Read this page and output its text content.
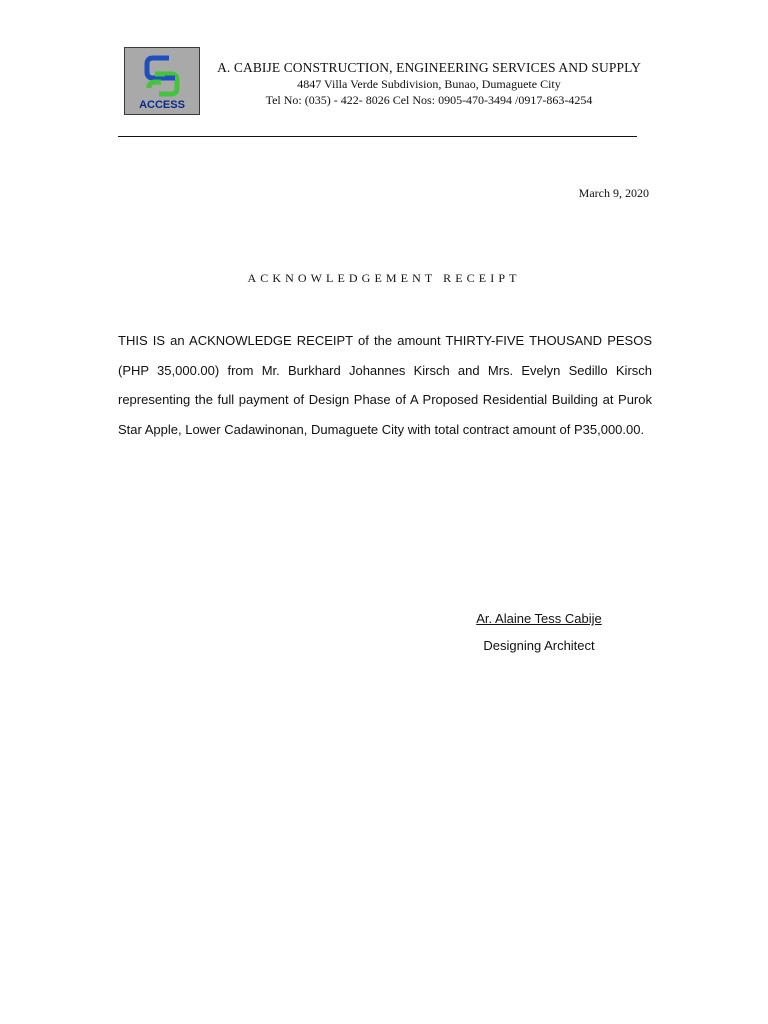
ACCESS
A. CABIJE CONSTRUCTION, ENGINEERING SERVICES AND SUPPLY
4847 Villa Verde Subdivision, Bunao, Dumaguete City
Tel No: (035) - 422- 8026 Cel Nos: 0905-470-3494 /0917-863-4254
March 9, 2020
ACKNOWLEDGEMENT RECEIPT
THIS IS an ACKNOWLEDGE RECEIPT of the amount THIRTY-FIVE THOUSAND PESOS (PHP 35,000.00) from Mr. Burkhard Johannes Kirsch and Mrs. Evelyn Sedillo Kirsch representing the full payment of Design Phase of A Proposed Residential Building at Purok Star Apple, Lower Cadawinonan, Dumaguete City with total contract amount of P35,000.00.
Ar. Alaine Tess Cabije
Designing Architect
